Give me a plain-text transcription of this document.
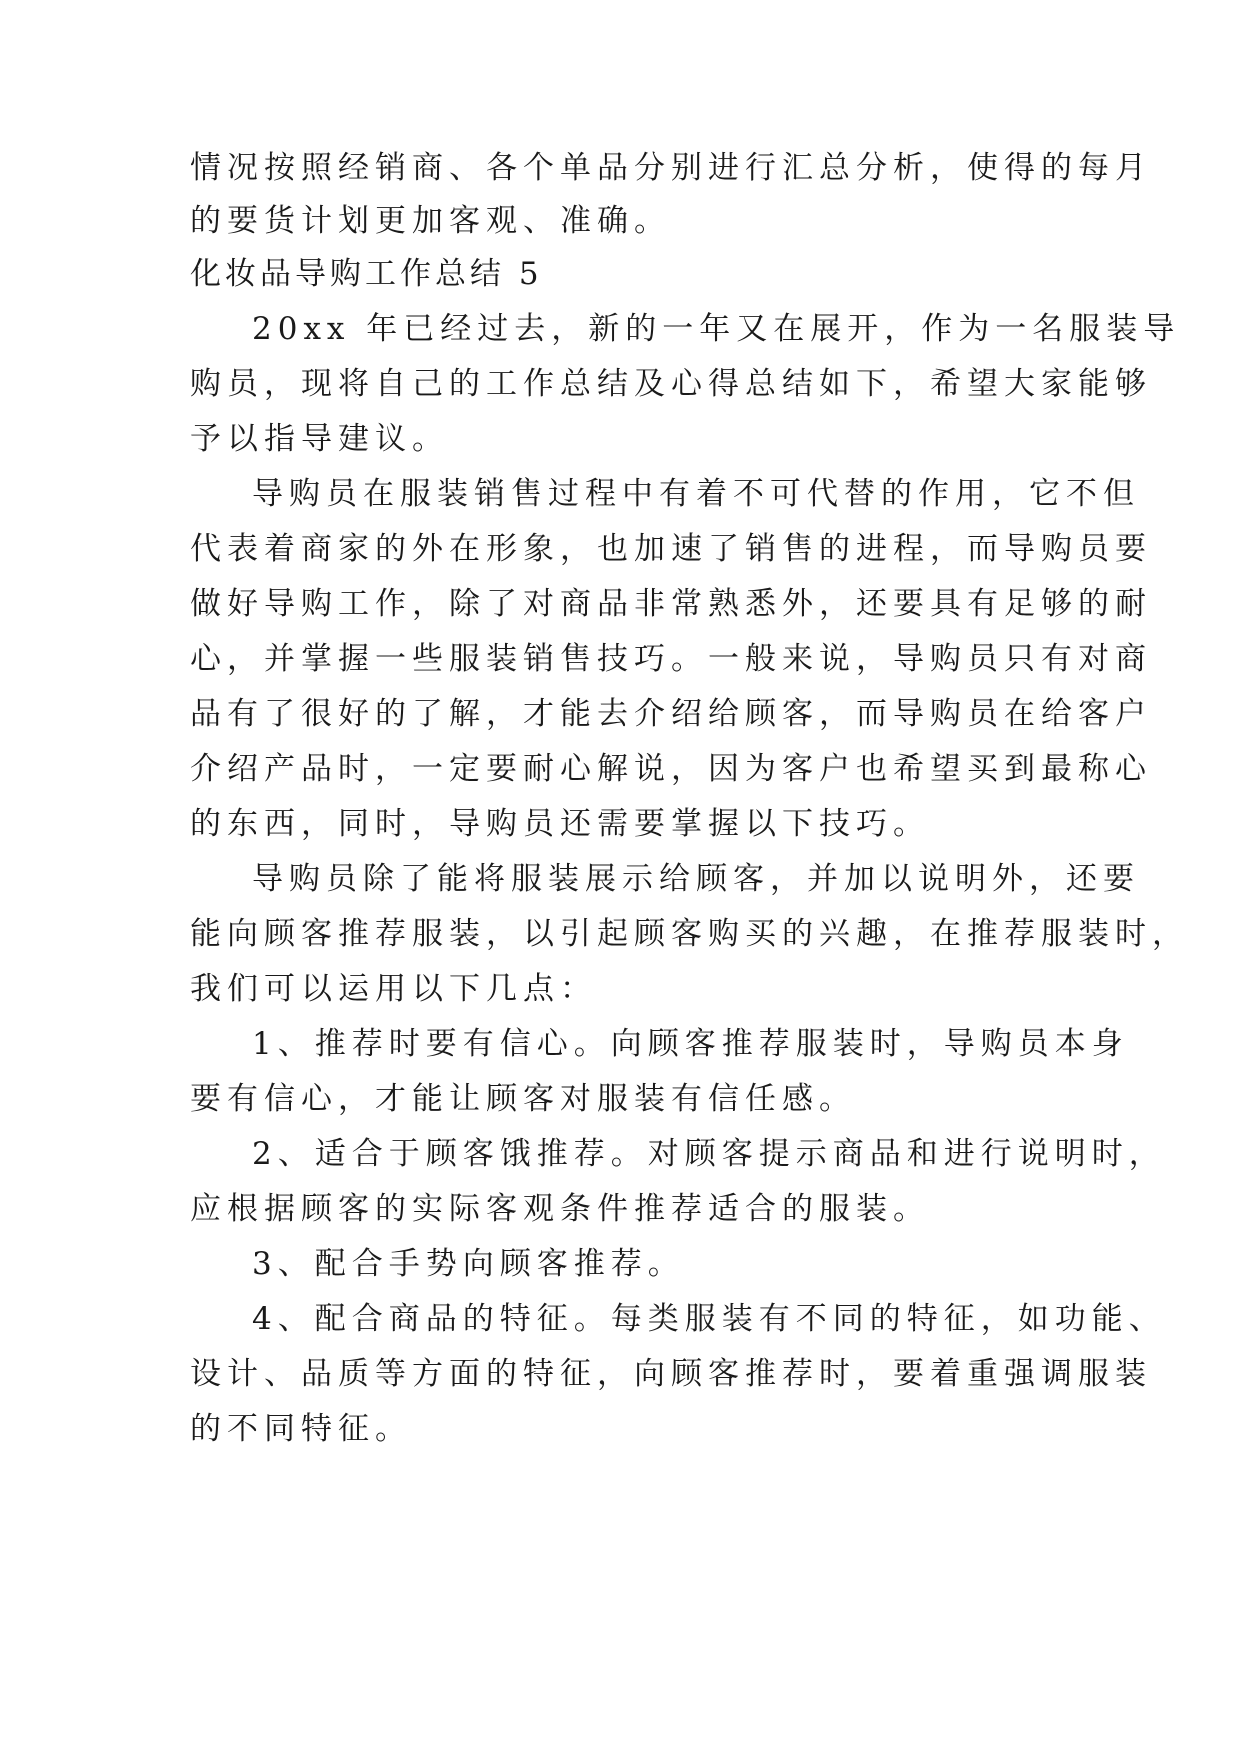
情况按照经销商、各个单品分别进行汇总分析，使得的每月

的要货计划更加客观、准确。

化妆品导购工作总结 5

20xx 年已经过去，新的一年又在展开，作为一名服装导

购员，现将自己的工作总结及心得总结如下，希望大家能够

予以指导建议。

导购员在服装销售过程中有着不可代替的作用，它不但

代表着商家的外在形象，也加速了销售的进程，而导购员要

做好导购工作，除了对商品非常熟悉外，还要具有足够的耐

心，并掌握一些服装销售技巧。一般来说，导购员只有对商

品有了很好的了解，才能去介绍给顾客，而导购员在给客户

介绍产品时，一定要耐心解说，因为客户也希望买到最称心

的东西，同时，导购员还需要掌握以下技巧。

导购员除了能将服装展示给顾客，并加以说明外，还要

能向顾客推荐服装，以引起顾客购买的兴趣，在推荐服装时，

我们可以运用以下几点：

1、推荐时要有信心。向顾客推荐服装时，导购员本身

要有信心，才能让顾客对服装有信任感。

2、适合于顾客饿推荐。对顾客提示商品和进行说明时，

应根据顾客的实际客观条件推荐适合的服装。

3、配合手势向顾客推荐。

4、配合商品的特征。每类服装有不同的特征，如功能、

设计、品质等方面的特征，向顾客推荐时，要着重强调服装

的不同特征。
